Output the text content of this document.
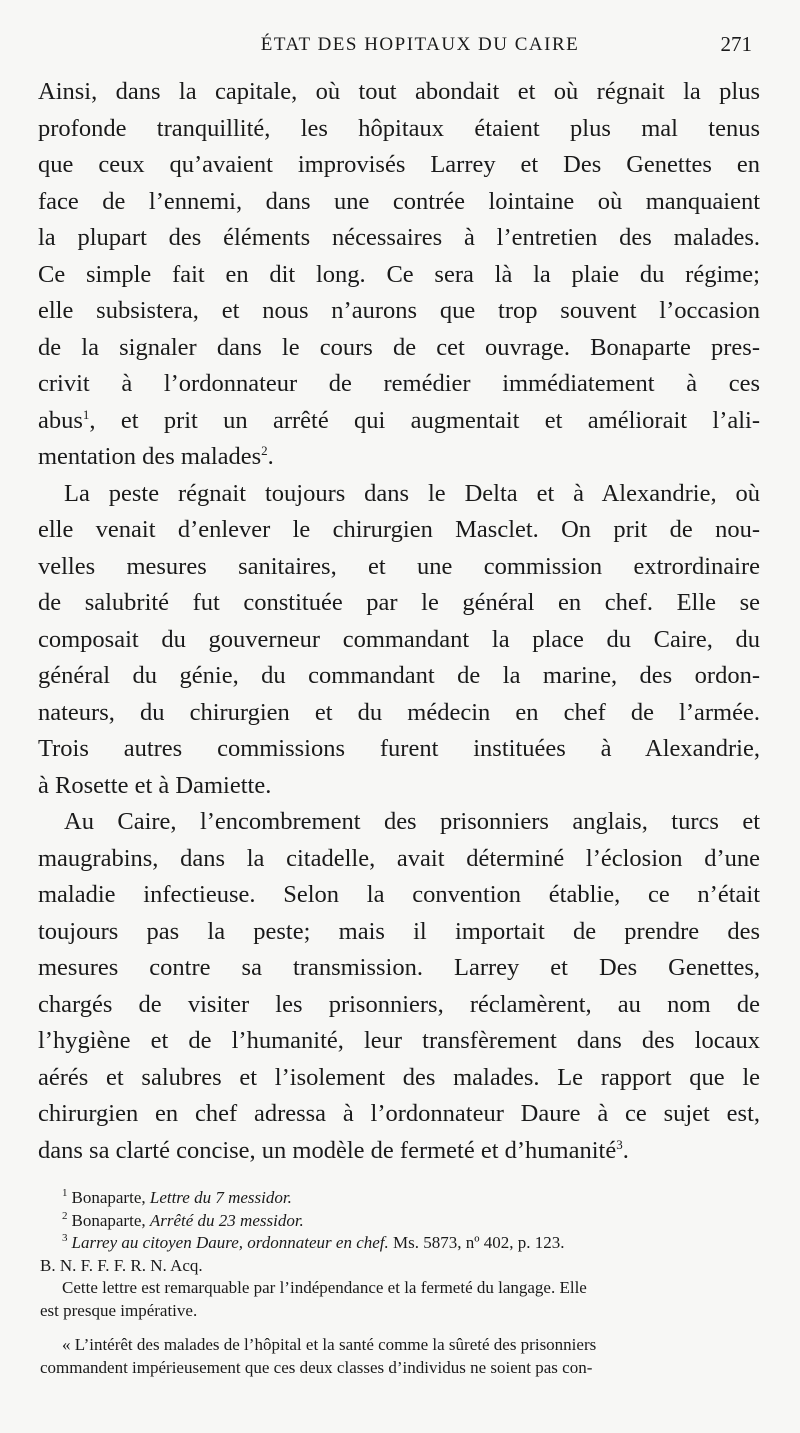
ÉTAT DES HOPITAUX DU CAIRE	271
Ainsi, dans la capitale, où tout abondait et où régnait la plus
profonde tranquillité, les hôpitaux étaient plus mal tenus
que ceux qu’avaient improvisés Larrey et Des Genettes en
face de l’ennemi, dans une contrée lointaine où manquaient
la plupart des éléments nécessaires à l’entretien des malades.
Ce simple fait en dit long. Ce sera là la plaie du régime;
elle subsistera, et nous n’aurons que trop souvent l’occasion
de la signaler dans le cours de cet ouvrage. Bonaparte pres-
crivit à l’ordonnateur de remédier immédiatement à ces
abus$^1$, et prit un arrêté qui augmentait et améliorait l’ali-
mentation des malades$^2$.
La peste régnait toujours dans le Delta et à Alexandrie, où
elle venait d’enlever le chirurgien Masclet. On prit de nou-
velles mesures sanitaires, et une commission extrordinaire
de salubrité fut constituée par le général en chef. Elle se
composait du gouverneur commandant la place du Caire, du
général du génie, du commandant de la marine, des ordon-
nateurs, du chirurgien et du médecin en chef de l’armée.
Trois autres commissions furent instituées à Alexandrie,
à Rosette et à Damiette.
Au Caire, l’encombrement des prisonniers anglais, turcs et
maugrabins, dans la citadelle, avait déterminé l’éclosion d’une
maladie infectieuse. Selon la convention établie, ce n’était
toujours pas la peste; mais il importait de prendre des
mesures contre sa transmission. Larrey et Des Genettes,
chargés de visiter les prisonniers, réclamèrent, au nom de
l’hygiène et de l’humanité, leur transfèrement dans des locaux
aérés et salubres et l’isolement des malades. Le rapport que le
chirurgien en chef adressa à l’ordonnateur Daure à ce sujet est,
dans sa clarté concise, un modèle de fermeté et d’humanité$^3$.
$^1$ Bonaparte, Lettre du 7 messidor.
$^2$ Bonaparte, Arrêté du 23 messidor.
$^3$ Larrey au citoyen Daure, ordonnateur en chef. Ms. 5873, nº 402, p. 123.
B. N. F. F. F. R. N. Acq.
Cette lettre est remarquable par l’indépendance et la fermeté du langage. Elle
est presque impérative.
« L’intérêt des malades de l’hôpital et la santé comme la sûreté des prisonniers
commandent impérieusement que ces deux classes d’individus ne soient pas con-
